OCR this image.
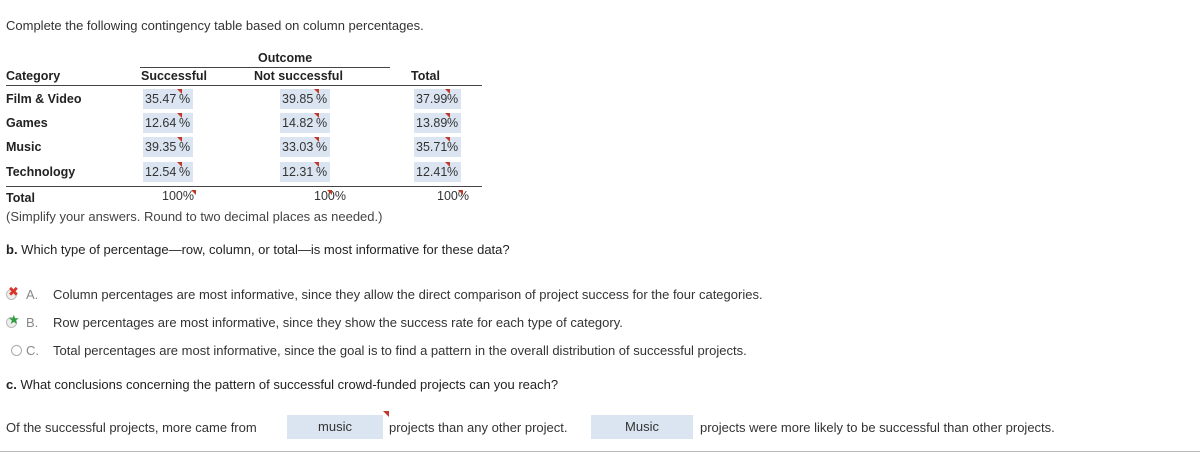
Complete the following contingency table based on column percentages.
Outcome
Category	Successful	Not successful	Total
Film & Video	35.47 %	39.85 %	37.99 %
Games	12.64 %	14.82 %	13.89 %
Music	39.35 %	33.03 %	35.71 %
Technology	12.54 %	12.31 %	12.41 %
Total	100%	100%	100%
(Simplify your answers. Round to two decimal places as needed.)
b. Which type of percentage—row, column, or total—is most informative for these data?
✖ A. Column percentages are most informative, since they allow the direct comparison of project success for the four categories.
★ B. Row percentages are most informative, since they show the success rate for each type of category.
C. Total percentages are most informative, since the goal is to find a pattern in the overall distribution of successful projects.
c. What conclusions concerning the pattern of successful crowd-funded projects can you reach?
Of the successful projects, more came from	music	projects than any other project.	Music	projects were more likely to be successful than other projects.
